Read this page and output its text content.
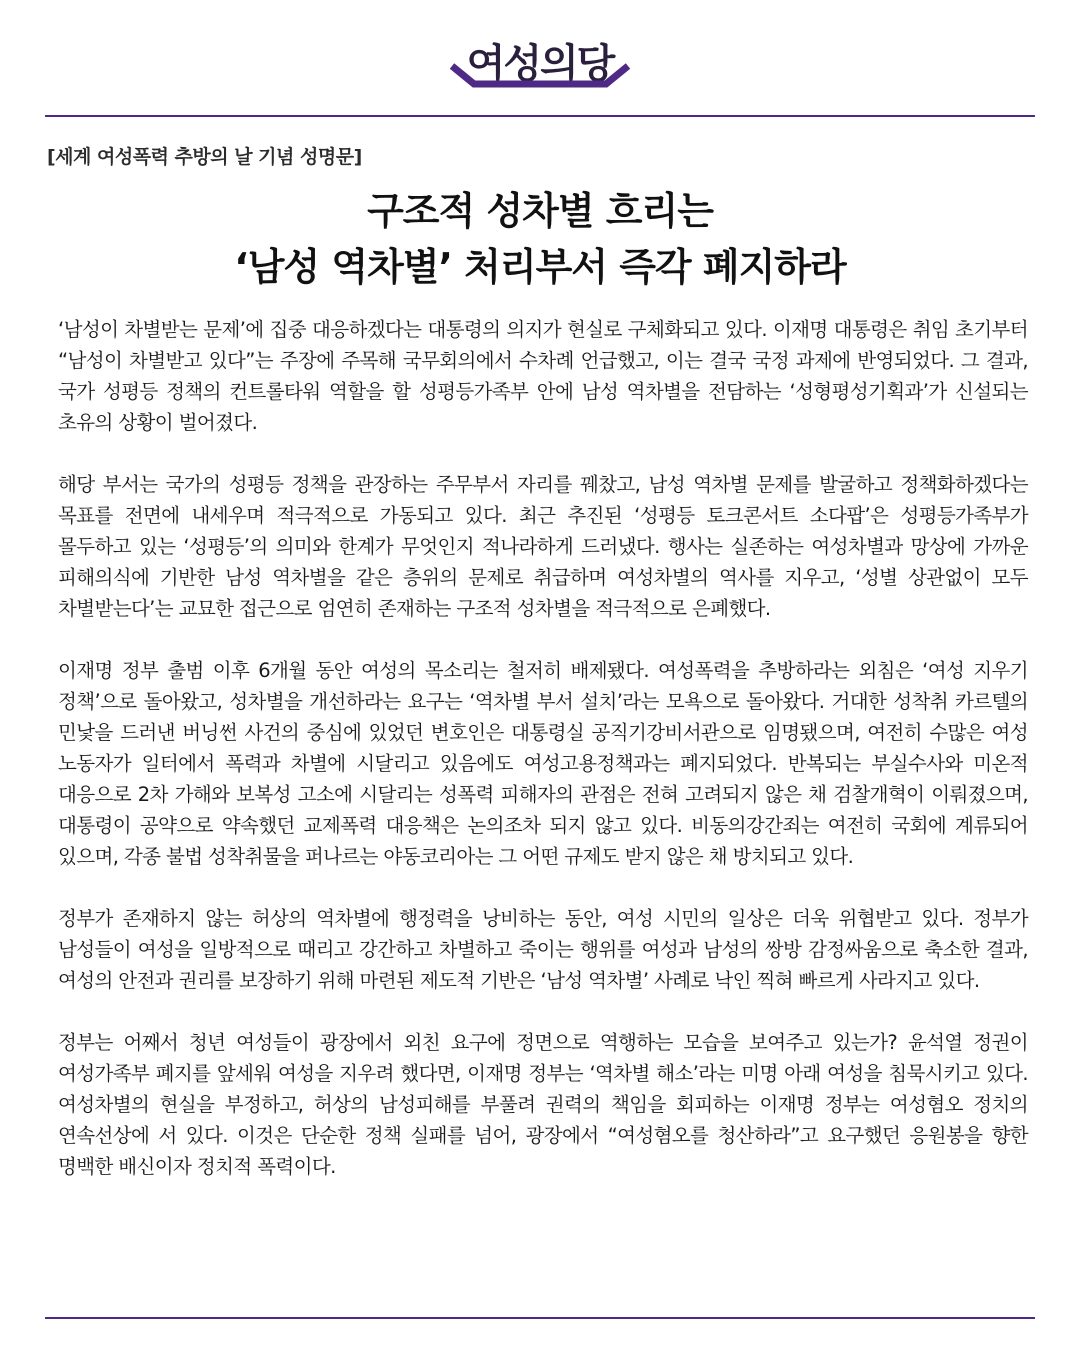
여성의당
[세계 여성폭력 추방의 날 기념 성명문]
구조적 성차별 흐리는
‘남성 역차별’ 처리부서 즉각 폐지하라

‘남성이 차별받는 문제’에 집중 대응하겠다는 대통령의 의지가 현실로 구체화되고 있다. 이재명 대통령은 취임 초기부터 “남성이 차별받고 있다”는 주장에 주목해 국무회의에서 수차례 언급했고, 이는 결국 국정 과제에 반영되었다. 그 결과, 국가 성평등 정책의 컨트롤타워 역할을 할 성평등가족부 안에 남성 역차별을 전담하는 ‘성형평성기획과’가 신설되는 초유의 상황이 벌어졌다.

해당 부서는 국가의 성평등 정책을 관장하는 주무부서 자리를 꿰찼고, 남성 역차별 문제를 발굴하고 정책화하겠다는 목표를 전면에 내세우며 적극적으로 가동되고 있다. 최근 추진된 ‘성평등 토크콘서트 소다팝’은 성평등가족부가 몰두하고 있는 ‘성평등’의 의미와 한계가 무엇인지 적나라하게 드러냈다. 행사는 실존하는 여성차별과 망상에 가까운 피해의식에 기반한 남성 역차별을 같은 층위의 문제로 취급하며 여성차별의 역사를 지우고, ‘성별 상관없이 모두 차별받는다’는 교묘한 접근으로 엄연히 존재하는 구조적 성차별을 적극적으로 은폐했다.

이재명 정부 출범 이후 6개월 동안 여성의 목소리는 철저히 배제됐다. 여성폭력을 추방하라는 외침은 ‘여성 지우기 정책’으로 돌아왔고, 성차별을 개선하라는 요구는 ‘역차별 부서 설치’라는 모욕으로 돌아왔다. 거대한 성착취 카르텔의 민낯을 드러낸 버닝썬 사건의 중심에 있었던 변호인은 대통령실 공직기강비서관으로 임명됐으며, 여전히 수많은 여성 노동자가 일터에서 폭력과 차별에 시달리고 있음에도 여성고용정책과는 폐지되었다. 반복되는 부실수사와 미온적 대응으로 2차 가해와 보복성 고소에 시달리는 성폭력 피해자의 관점은 전혀 고려되지 않은 채 검찰개혁이 이뤄졌으며, 대통령이 공약으로 약속했던 교제폭력 대응책은 논의조차 되지 않고 있다. 비동의강간죄는 여전히 국회에 계류되어 있으며, 각종 불법 성착취물을 퍼나르는 야동코리아는 그 어떤 규제도 받지 않은 채 방치되고 있다.

정부가 존재하지 않는 허상의 역차별에 행정력을 낭비하는 동안, 여성 시민의 일상은 더욱 위협받고 있다. 정부가 남성들이 여성을 일방적으로 때리고 강간하고 차별하고 죽이는 행위를 여성과 남성의 쌍방 감정싸움으로 축소한 결과, 여성의 안전과 권리를 보장하기 위해 마련된 제도적 기반은 ‘남성 역차별’ 사례로 낙인 찍혀 빠르게 사라지고 있다.

정부는 어째서 청년 여성들이 광장에서 외친 요구에 정면으로 역행하는 모습을 보여주고 있는가? 윤석열 정권이 여성가족부 폐지를 앞세워 여성을 지우려 했다면, 이재명 정부는 ‘역차별 해소’라는 미명 아래 여성을 침묵시키고 있다. 여성차별의 현실을 부정하고, 허상의 남성피해를 부풀려 권력의 책임을 회피하는 이재명 정부는 여성혐오 정치의 연속선상에 서 있다. 이것은 단순한 정책 실패를 넘어, 광장에서 “여성혐오를 청산하라”고 요구했던 응원봉을 향한 명백한 배신이자 정치적 폭력이다.
